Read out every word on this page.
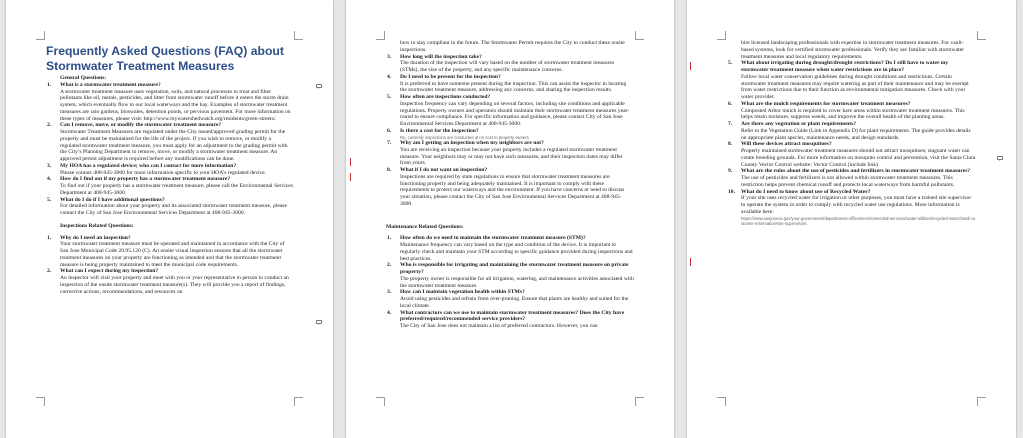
Frequently Asked Questions (FAQ) about Stormwater Treatment Measures
General Questions:
1. What is a stormwater treatment measure?
A stormwater treatment measure uses vegetation, soils, and natural processes to treat and filter pollutants like oil, metals, pesticides, and litter from stormwater runoff before it enters the storm drain system, which eventually flow to our local waterways and the bay. Examples of stormwater treatment measures are rain gardens, bioswales, detention ponds, or pervious pavement. For more information on these types of measures, please visit: http://www.mywatershedwatch.org/residents/green-streets/.
2. Can I remove, move, or modify the stormwater treatment measure?
Stormwater Treatment Measures are regulated under the City issued/approved grading permit for the property and must be maintained for the life of the project. If you wish to remove, or modify a regulated stormwater treatment measure, you must apply for an adjustment to the grading permit with the City’s Planning Department to remove, move, or modify a stormwater treatment measure. An approved permit adjustment is required before any modifications can be done.
3. My HOA has a regulated device; who can I contact for more information?
Please contact 408-945-3000 for more information specific to your HOA’s regulated device.
4. How do I find out if my property has a stormwater treatment measure?
To find out if your property has a stormwater treatment measure, please call the Environmental Services Department at 408-945-3000.
5. What do I do if I have additional questions?
For detailed information about your property and its associated stormwater treatment measure, please contact the City of San Jose Environmental Services Department at 408-945-3000.
Inspections Related Questions:
1. Why do I need an inspection?
Your stormwater treatment measure must be operated and maintained in accordance with the City of San Jose Municipal Code 20.95.120 (C). An onsite visual inspection ensures that all the stormwater treatment measures on your property are functioning as intended and that the stormwater treatment measure is being properly maintained to meet the municipal code requirements.
2. What can I expect during my inspection?
An inspector will visit your property and meet with you or your representative in person to conduct an inspection of the onsite stormwater treatment measure(s). They will provide you a report of findings, corrective actions, recommendations, and resources on
how to stay compliant in the future. The Stormwater Permit requires the City to conduct these onsite inspections.
3. How long will the inspection take?
The duration of the inspection will vary based on the number of stormwater treatment measures (STMs), the size of the property, and any specific maintenance concerns.
4. Do I need to be present for the inspection?
It is preferred to have someone present during the inspection. This can assist the inspector in locating the stormwater treatment measure, addressing any concerns, and sharing the inspection results.
5. How often are inspections conducted?
Inspection frequency can vary depending on several factors, including site conditions and applicable regulations. Property owners and operators should maintain their stormwater treatment measures year-round to ensure compliance. For specific information and guidance, please contact City of San Jose Environmental Services Department at 408-945-3000.
6. Is there a cost for the inspection?
No, currently inspections are conducted at no cost to property owners.
7. Why am I getting an inspection when my neighbors are not?
You are receiving an inspection because your property includes a regulated stormwater treatment measure. Your neighbors may or may not have such measures, and their inspection dates may differ from yours.
8. What if I do not want an inspection?
Inspections are required by state regulations to ensure that stormwater treatment measures are functioning properly and being adequately maintained. It is important to comply with these requirements to protect our waterways and the environment. If you have concerns or need to discuss your situation, please contact the City of San Jose Environmental Services Department at 408-945-3000.
Maintenance Related Questions:
1. How often do we need to maintain the stormwater treatment measure (STM)?
Maintenance frequency can vary based on the type and condition of the device. It is important to regularly check and maintain your STM according to specific guidance provided during inspections and best practices.
2. Who is responsible for irrigating and maintaining the stormwater treatment measure on private property?
The property owner is responsible for all irrigation, watering, and maintenance activities associated with the stormwater treatment measure.
3. How can I maintain vegetation health within STMs?
Avoid using pesticides and refrain from over-pruning. Ensure that plants are healthy and suited for the local climate.
4. What contractors can we use to maintain stormwater treatment measures? Does the City have preferred/required/recommended service providers?
The City of San Jose does not maintain a list of preferred contractors. However, you can
hire licensed landscaping professionals with expertise in stormwater treatment measures. For vault-based systems, look for certified stormwater professionals. Verify they are familiar with stormwater treatment measures and local regulatory requirements.
5. What about irrigating during drought/drought restrictions? Do I still have to water my stormwater treatment measure when water restrictions are in place?
Follow local water conservation guidelines during drought conditions and restrictions. Certain stormwater treatment measures may require watering as part of their maintenance and may be exempt from water restrictions due to their function as environmental mitigation measures. Check with your water provider.
6. What are the mulch requirements for stormwater treatment measures?
Composted Arbor mulch is required to cover bare areas within stormwater treatment measures. This helps retain moisture, suppress weeds, and improve the overall health of the planting areas.
7. Are there any vegetation or plant requirements?
Refer to the Vegetation Guide (Link to Appendix D) for plant requirements. The guide provides details on appropriate plant species, maintenance needs, and design standards.
8. Will these devices attract mosquitoes?
Properly maintained stormwater treatment measures should not attract mosquitoes; stagnant water can create breeding grounds. For more information on mosquito control and prevention, visit the Santa Clara County Vector Control website: Vector Control (include link)
9. What are the rules about the use of pesticides and fertilizers in stormwater treatment measures?
The use of pesticides and fertilizers is not allowed within stormwater treatment measures. This restriction helps prevent chemical runoff and protects local waterways from harmful pollutants.
10. What do I need to know about use of Recycled Water?
If your site uses recycled water for irrigation or other purposes, you must have a trained site supervisor to operate the system in order to comply with recycled water use regulations. More information is available here:
https://www.sanjoseca.gov/your-government/departments-offices/environmental-services/water-utilities/recycled-water/retail-customer-information/site-supervisors.
